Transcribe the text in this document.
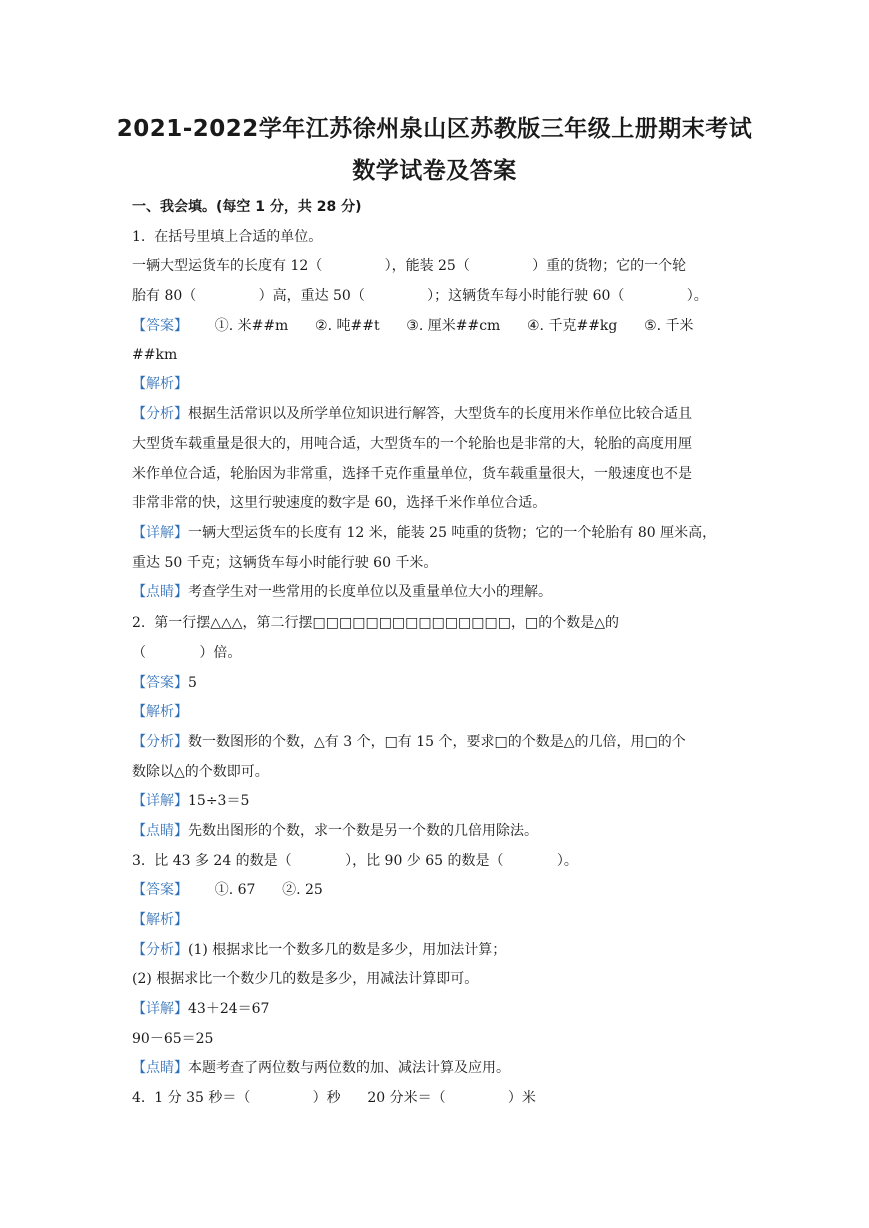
2021-2022学年江苏徐州泉山区苏教版三年级上册期末考试
数学试卷及答案
一、我会填。(每空 1 分，共 28 分)
1.  在括号里填上合适的单位。
一辆大型运货车的长度有 12（              ），能装 25（              ）重的货物；它的一个轮
胎有 80（              ）高，重达 50（              ）；这辆货车每小时能行驶 60（              ）。
【答案】      ①. 米##m      ②. 吨##t      ③. 厘米##cm      ④. 千克##kg      ⑤. 千米
##km
【解析】
【分析】根据生活常识以及所学单位知识进行解答，大型货车的长度用米作单位比较合适且
大型货车载重量是很大的，用吨合适，大型货车的一个轮胎也是非常的大，轮胎的高度用厘
米作单位合适，轮胎因为非常重，选择千克作重量单位，货车载重量很大，一般速度也不是
非常非常的快，这里行驶速度的数字是 60，选择千米作单位合适。
【详解】一辆大型运货车的长度有 12 米，能装 25 吨重的货物；它的一个轮胎有 80 厘米高，
重达 50 千克；这辆货车每小时能行驶 60 千米。
【点睛】考查学生对一些常用的长度单位以及重量单位大小的理解。
2.  第一行摆△△△，第二行摆□□□□□□□□□□□□□□□，□的个数是△的
（            ）倍。
【答案】5
【解析】
【分析】数一数图形的个数，△有 3 个，□有 15 个，要求□的个数是△的几倍，用□的个
数除以△的个数即可。
【详解】15÷3＝5
【点睛】先数出图形的个数，求一个数是另一个数的几倍用除法。
3.  比 43 多 24 的数是（            ），比 90 少 65 的数是（            ）。
【答案】      ①. 67      ②. 25
【解析】
【分析】(1) 根据求比一个数多几的数是多少，用加法计算；
(2) 根据求比一个数少几的数是多少，用减法计算即可。
【详解】43＋24＝67
90－65＝25
【点睛】本题考查了两位数与两位数的加、减法计算及应用。
4.  1 分 35 秒＝（              ）秒      20 分米＝（              ）米
